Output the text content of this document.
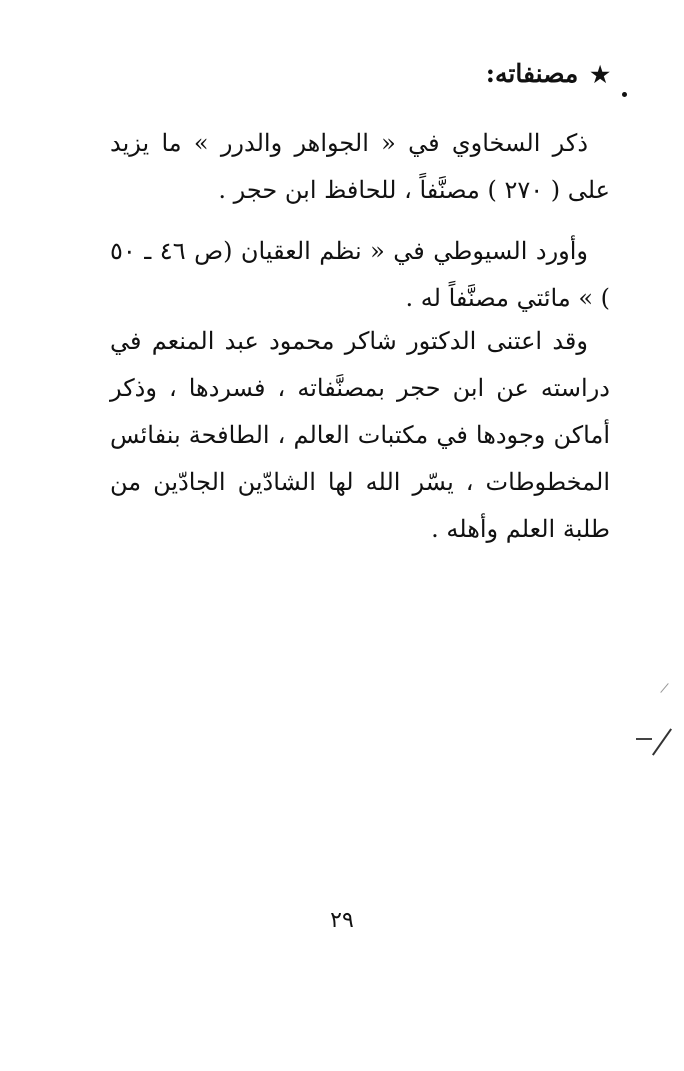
★مصنفاته:
ذكر السخاوي في « الجواهر والدرر » ما يزيد على ( ٢٧٠ ) مصنَّفاً ، للحافظ ابن حجر .
وأورد السيوطي في « نظم العقيان (ص ٤٦ ـ ٥٠ ) » مائتي مصنَّفاً له .
وقد اعتنى الدكتور شاكر محمود عبد المنعم في دراسته عن ابن حجر بمصنَّفاته ، فسردها ، وذكر أماكن وجودها في مكتبات العالم ، الطافحة بنفائس المخطوطات ، يسّر الله لها الشادّين الجادّين من طلبة العلم وأهله .
٢٩
